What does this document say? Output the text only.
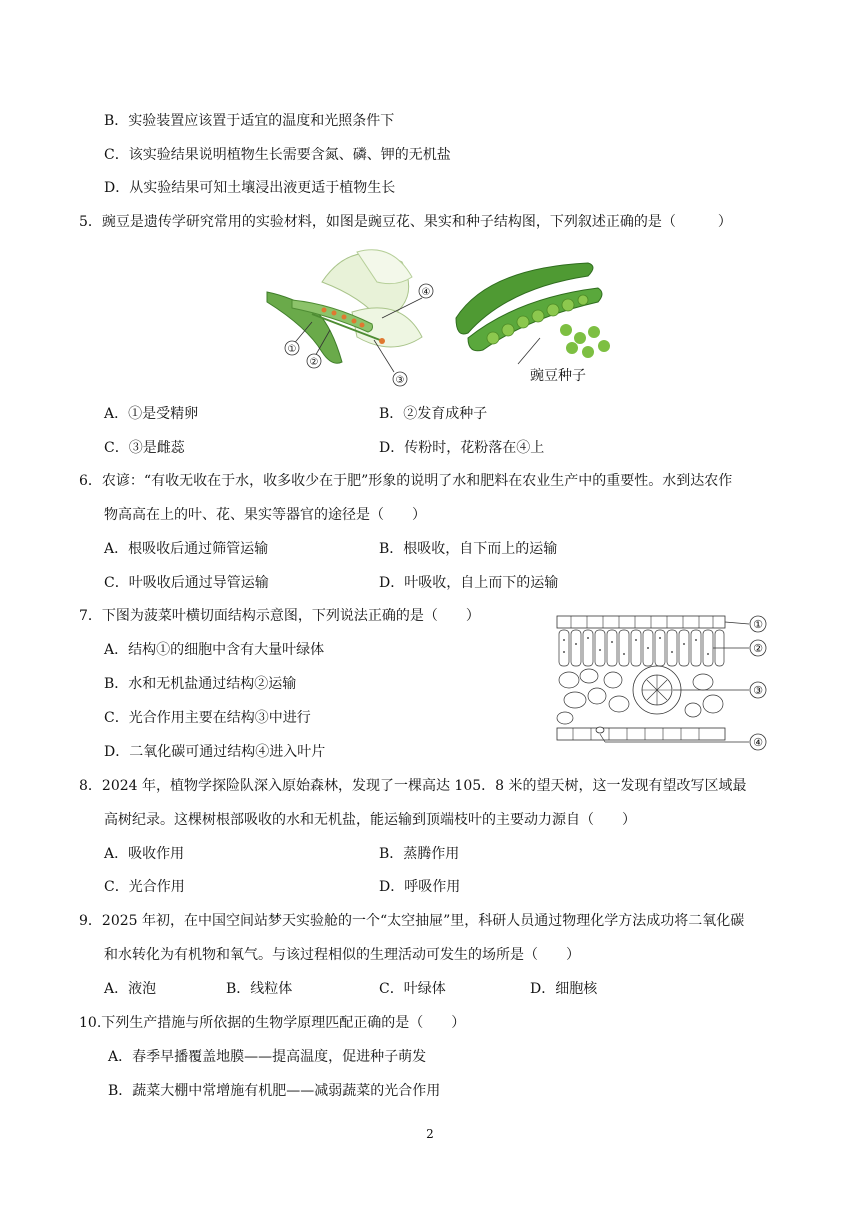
B．实验装置应该置于适宜的温度和光照条件下
C．该实验结果说明植物生长需要含氮、磷、钾的无机盐
D．从实验结果可知土壤浸出液更适于植物生长
5．豌豆是遗传学研究常用的实验材料，如图是豌豆花、果实和种子结构图，下列叙述正确的是（　　　）
①
②
③
④
豌豆种子
A．①是受精卵	B．②发育成种子
C．③是雌蕊	D．传粉时，花粉落在④上
6．农谚：“有收无收在于水，收多收少在于肥”形象的说明了水和肥料在农业生产中的重要性。水到达农作
物高高在上的叶、花、果实等器官的途径是（　　）
A．根吸收后通过筛管运输	B．根吸收，自下而上的运输
C．叶吸收后通过导管运输	D．叶吸收，自上而下的运输
7．下图为菠菜叶横切面结构示意图，下列说法正确的是（　　）
A．结构①的细胞中含有大量叶绿体
B．水和无机盐通过结构②运输
C．光合作用主要在结构③中进行
D．二氧化碳可通过结构④进入叶片
①
②
③
④
8．2024 年，植物学探险队深入原始森林，发现了一棵高达 105．8 米的望天树，这一发现有望改写区域最
高树纪录。这棵树根部吸收的水和无机盐，能运输到顶端枝叶的主要动力源自（　　）
A．吸收作用	B．蒸腾作用
C．光合作用	D．呼吸作用
9．2025 年初，在中国空间站梦天实验舱的一个“太空抽屉”里，科研人员通过物理化学方法成功将二氧化碳
和水转化为有机物和氧气。与该过程相似的生理活动可发生的场所是（　　）
A．液泡	B．线粒体	C．叶绿体	D．细胞核
10.下列生产措施与所依据的生物学原理匹配正确的是（　　）
A．春季早播覆盖地膜——提高温度，促进种子萌发
B．蔬菜大棚中常增施有机肥——减弱蔬菜的光合作用
2
